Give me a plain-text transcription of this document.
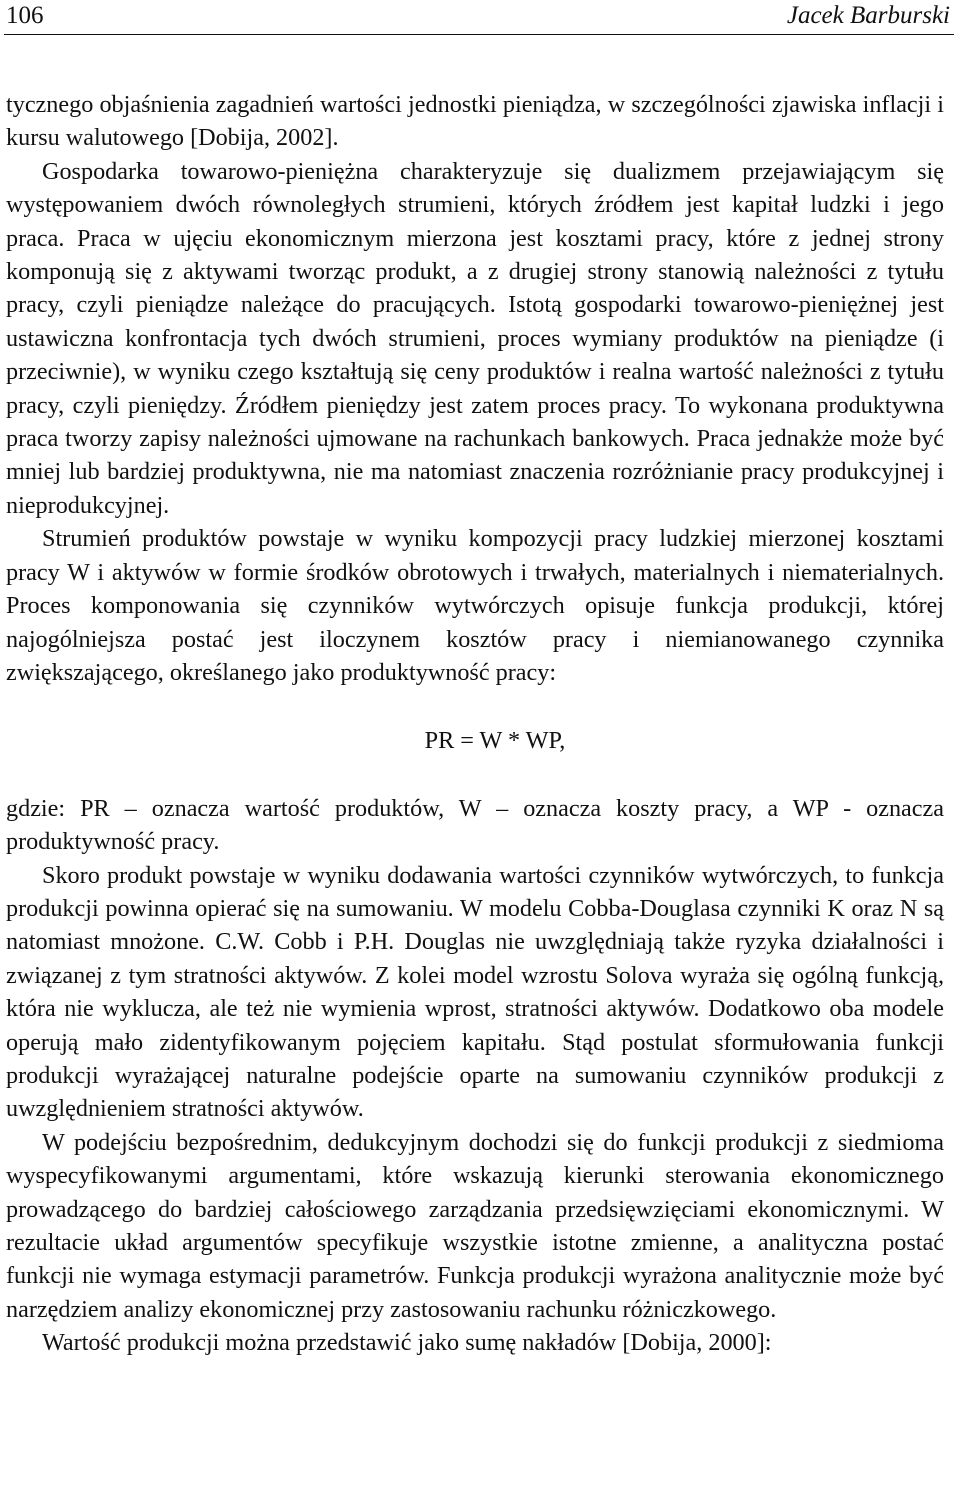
106	Jacek Barburski

tycznego objaśnienia zagadnień wartości jednostki pieniądza, w szczególności zjawiska inflacji i kursu walutowego [Dobija, 2002].

Gospodarka towarowo-pieniężna charakteryzuje się dualizmem przejawiającym się występowaniem dwóch równoległych strumieni, których źródłem jest kapitał ludzki i jego praca. Praca w ujęciu ekonomicznym mierzona jest kosztami pracy, które z jednej strony komponują się z aktywami tworząc produkt, a z drugiej strony stanowią należności z tytułu pracy, czyli pieniądze należące do pracujących. Istotą gospodarki towarowo-pieniężnej jest ustawiczna konfrontacja tych dwóch strumieni, proces wymiany produktów na pieniądze (i przeciwnie), w wyniku czego kształtują się ceny produktów i realna wartość należności z tytułu pracy, czyli pieniędzy. Źródłem pieniędzy jest zatem proces pracy. To wykonana produktywna praca tworzy zapisy należności ujmowane na rachunkach bankowych. Praca jednakże może być mniej lub bardziej produktywna, nie ma natomiast znaczenia rozróżnianie pracy produkcyjnej i nieprodukcyjnej.

Strumień produktów powstaje w wyniku kompozycji pracy ludzkiej mierzonej kosztami pracy W i aktywów w formie środków obrotowych i trwałych, materialnych i niematerialnych. Proces komponowania się czynników wytwórczych opisuje funkcja produkcji, której najogólniejsza postać jest iloczynem kosztów pracy i niemianowanego czynnika zwiększającego, określanego jako produktywność pracy:

PR = W * WP,

gdzie: PR – oznacza wartość produktów, W – oznacza koszty pracy, a WP - oznacza produktywność pracy.

Skoro produkt powstaje w wyniku dodawania wartości czynników wytwórczych, to funkcja produkcji powinna opierać się na sumowaniu. W modelu Cobba-Douglasa czynniki K oraz N są natomiast mnożone. C.W. Cobb i P.H. Douglas nie uwzględniają także ryzyka działalności i związanej z tym stratności aktywów. Z kolei model wzrostu Solova wyraża się ogólną funkcją, która nie wyklucza, ale też nie wymienia wprost, stratności aktywów. Dodatkowo oba modele operują mało zidentyfikowanym pojęciem kapitału. Stąd postulat sformułowania funkcji produkcji wyrażającej naturalne podejście oparte na sumowaniu czynników produkcji z uwzględnieniem stratności aktywów.

W podejściu bezpośrednim, dedukcyjnym dochodzi się do funkcji produkcji z siedmioma wyspecyfikowanymi argumentami, które wskazują kierunki sterowania ekonomicznego prowadzącego do bardziej całościowego zarządzania przedsięwzięciami ekonomicznymi. W rezultacie układ argumentów specyfikuje wszystkie istotne zmienne, a analityczna postać funkcji nie wymaga estymacji parametrów. Funkcja produkcji wyrażona analitycznie może być narzędziem analizy ekonomicznej przy zastosowaniu rachunku różniczkowego.

Wartość produkcji można przedstawić jako sumę nakładów [Dobija, 2000]:
